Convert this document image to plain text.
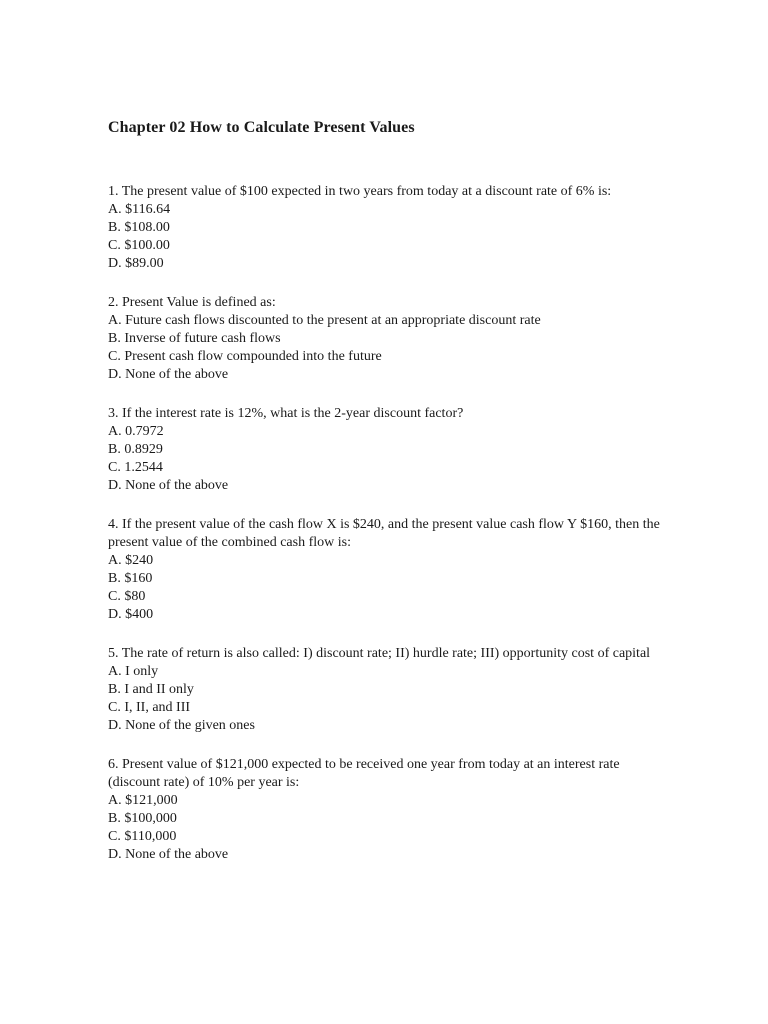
Chapter 02 How to Calculate Present Values

1. The present value of $100 expected in two years from today at a discount rate of 6% is:

A. $116.64

B. $108.00

C. $100.00

D. $89.00

2. Present Value is defined as:

A. Future cash flows discounted to the present at an appropriate discount rate

B. Inverse of future cash flows

C. Present cash flow compounded into the future

D. None of the above

3. If the interest rate is 12%, what is the 2-year discount factor?

A. 0.7972

B. 0.8929

C. 1.2544

D. None of the above

4. If the present value of the cash flow X is $240, and the present value cash flow Y $160, then the present value of the combined cash flow is:

A. $240

B. $160

C. $80

D. $400

5. The rate of return is also called: I) discount rate; II) hurdle rate; III) opportunity cost of capital

A. I only

B. I and II only

C. I, II, and III

D. None of the given ones

6. Present value of $121,000 expected to be received one year from today at an interest rate (discount rate) of 10% per year is:

A. $121,000

B. $100,000

C. $110,000

D. None of the above
